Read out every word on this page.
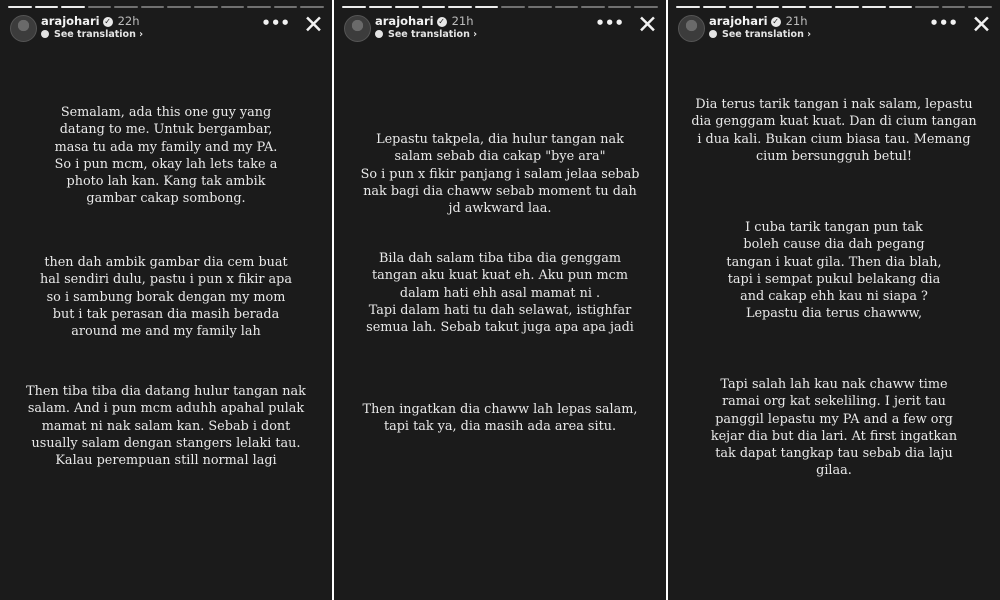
arajohari ✓ 22h
See translation ›
••• ✕

Semalam, ada this one guy yang
datang to me. Untuk bergambar,
masa tu ada my family and my PA.
So i pun mcm, okay lah lets take a
photo lah kan. Kang tak ambik
gambar cakap sombong.

then dah ambik gambar dia cem buat
hal sendiri dulu, pastu i pun x fikir apa
so i sambung borak dengan my mom
but i tak perasan dia masih berada
around me and my family lah

Then tiba tiba dia datang hulur tangan nak
salam. And i pun mcm aduhh apahal pulak
mamat ni nak salam kan. Sebab i dont
usually salam dengan stangers lelaki tau.
Kalau perempuan still normal lagi

arajohari ✓ 21h
See translation ›
••• ✕

Lepastu takpela, dia hulur tangan nak
salam sebab dia cakap "bye ara"
So i pun x fikir panjang i salam jelaa sebab
nak bagi dia chaww sebab moment tu dah
jd awkward laa.

Bila dah salam tiba tiba dia genggam
tangan aku kuat kuat eh. Aku pun mcm
dalam hati ehh asal mamat ni .
Tapi dalam hati tu dah selawat, istighfar
semua lah. Sebab takut juga apa apa jadi

Then ingatkan dia chaww lah lepas salam,
tapi tak ya, dia masih ada area situ.

arajohari ✓ 21h
See translation ›
••• ✕

Dia terus tarik tangan i nak salam, lepastu
dia genggam kuat kuat. Dan di cium tangan
i dua kali. Bukan cium biasa tau. Memang
cium bersungguh betul!

I cuba tarik tangan pun tak
boleh cause dia dah pegang
tangan i kuat gila. Then dia blah,
tapi i sempat pukul belakang dia
and cakap ehh kau ni siapa ?
Lepastu dia terus chawww,

Tapi salah lah kau nak chaww time
ramai org kat sekeliling. I jerit tau
panggil lepastu my PA and a few org
kejar dia but dia lari. At first ingatkan
tak dapat tangkap tau sebab dia laju
gilaa.
